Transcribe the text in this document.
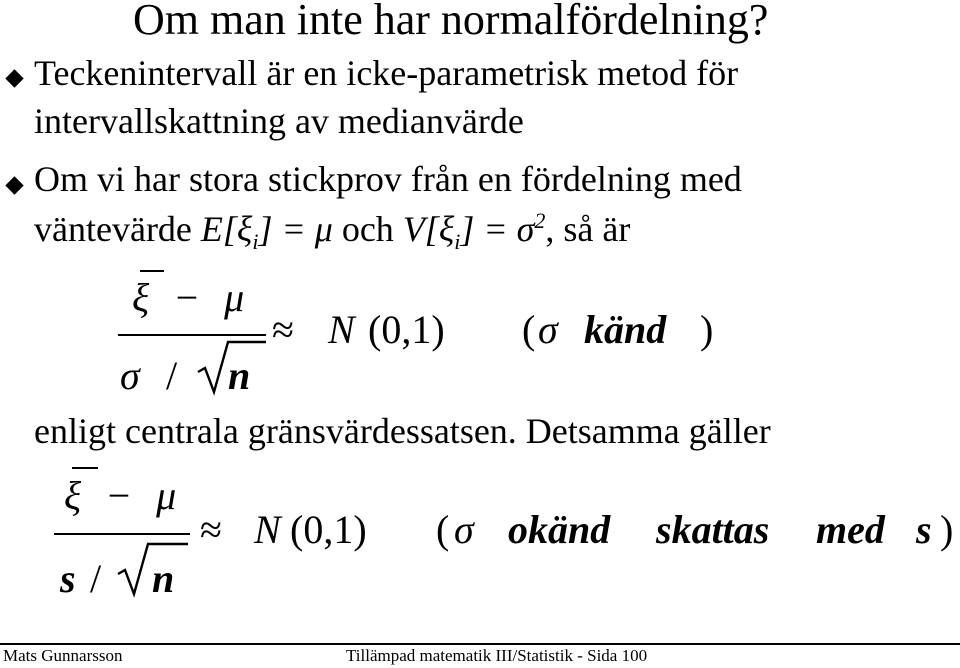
Om man inte har normalfördelning?
Teckenintervall är en icke-parametrisk metod för
intervallskattning av medianvärde
Om vi har stora stickprov från en fördelning med
väntevärde $E[\xi_i] = \mu$ och $V[\xi_i] = \sigma^2$, så är
ξ − μ
σ / n
≈ N (0,1) ( σ känd )
enligt centrala gränsvärdessatsen. Detsamma gäller
ξ − μ
s / n
≈ N (0,1) ( σ okänd skattas med s )
Mats Gunnarsson	Tillämpad matematik III/Statistik - Sida 100
